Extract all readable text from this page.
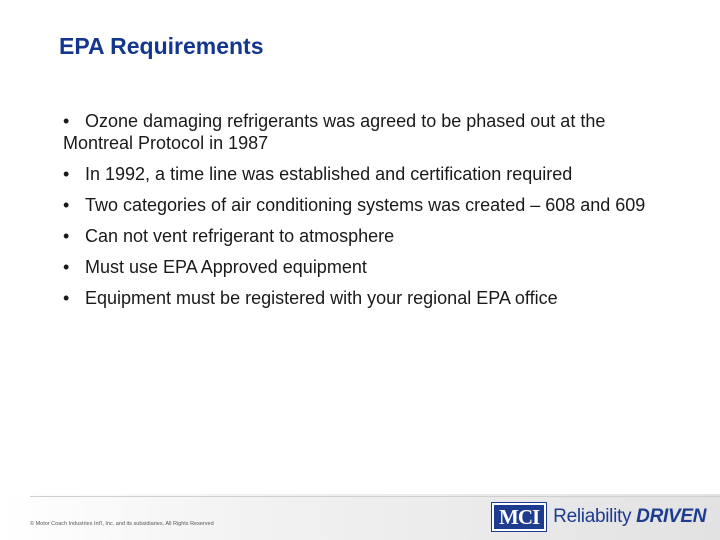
EPA Requirements
• Ozone damaging refrigerants was agreed to be phased out at the Montreal Protocol in 1987
• In 1992, a time line was established and certification required
• Two categories of air conditioning systems was created – 608 and 609
• Can not vent refrigerant to atmosphere
• Must use EPA Approved equipment
• Equipment must be registered with your regional EPA office
© Motor Coach Industries Int'l, Inc. and its subsidiaries. All Rights Reserved	MCI Reliability DRIVEN
